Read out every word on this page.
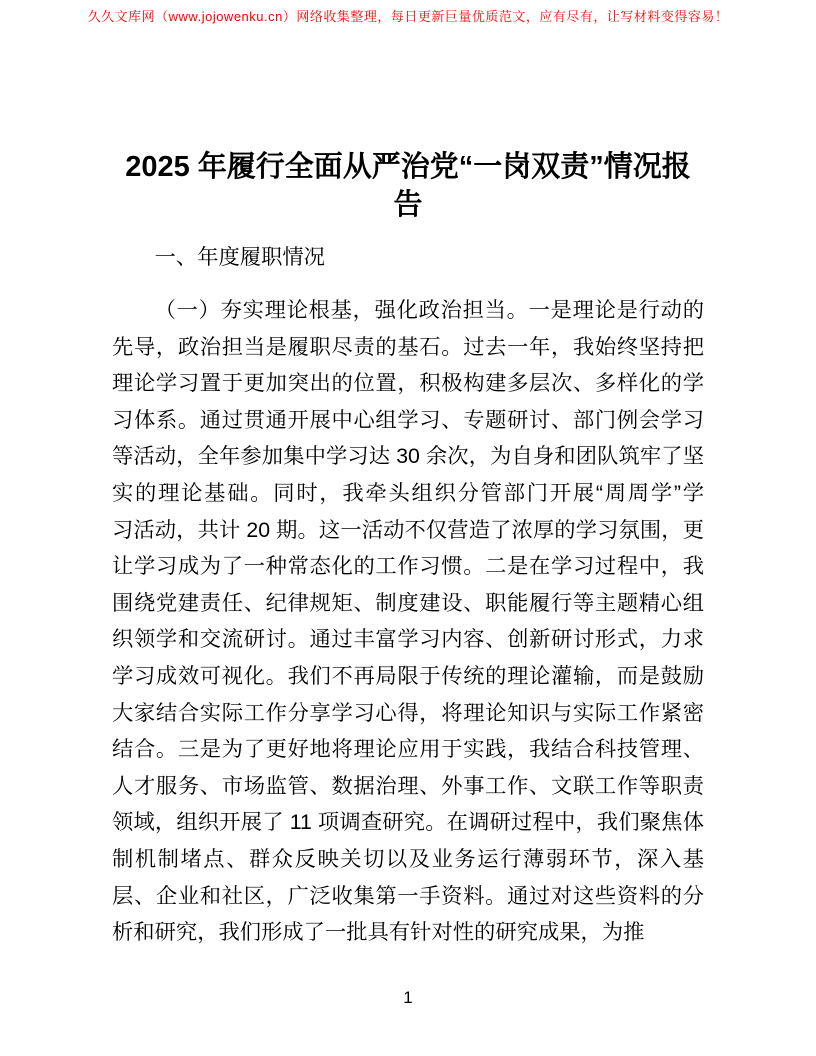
久久文库网（www.jojowenku.cn）网络收集整理，每日更新巨量优质范文，应有尽有，让写材料变得容易！
2025 年履行全面从严治党“一岗双责”情况报告
一、年度履职情况
（一）夯实理论根基，强化政治担当。一是理论是行动的
先导，政治担当是履职尽责的基石。过去一年，我始终坚持把
理论学习置于更加突出的位置，积极构建多层次、多样化的学
习体系。通过贯通开展中心组学习、专题研讨、部门例会学习
等活动，全年参加集中学习达 30 余次，为自身和团队筑牢了坚
实的理论基础。同时，我牵头组织分管部门开展“周周学”学
习活动，共计 20 期。这一活动不仅营造了浓厚的学习氛围，更
让学习成为了一种常态化的工作习惯。二是在学习过程中，我
围绕党建责任、纪律规矩、制度建设、职能履行等主题精心组
织领学和交流研讨。通过丰富学习内容、创新研讨形式，力求
学习成效可视化。我们不再局限于传统的理论灌输，而是鼓励
大家结合实际工作分享学习心得，将理论知识与实际工作紧密
结合。三是为了更好地将理论应用于实践，我结合科技管理、
人才服务、市场监管、数据治理、外事工作、文联工作等职责
领域，组织开展了 11 项调查研究。在调研过程中，我们聚焦体
制机制堵点、群众反映关切以及业务运行薄弱环节，深入基
层、企业和社区，广泛收集第一手资料。通过对这些资料的分
析和研究，我们形成了一批具有针对性的研究成果，为推
1
